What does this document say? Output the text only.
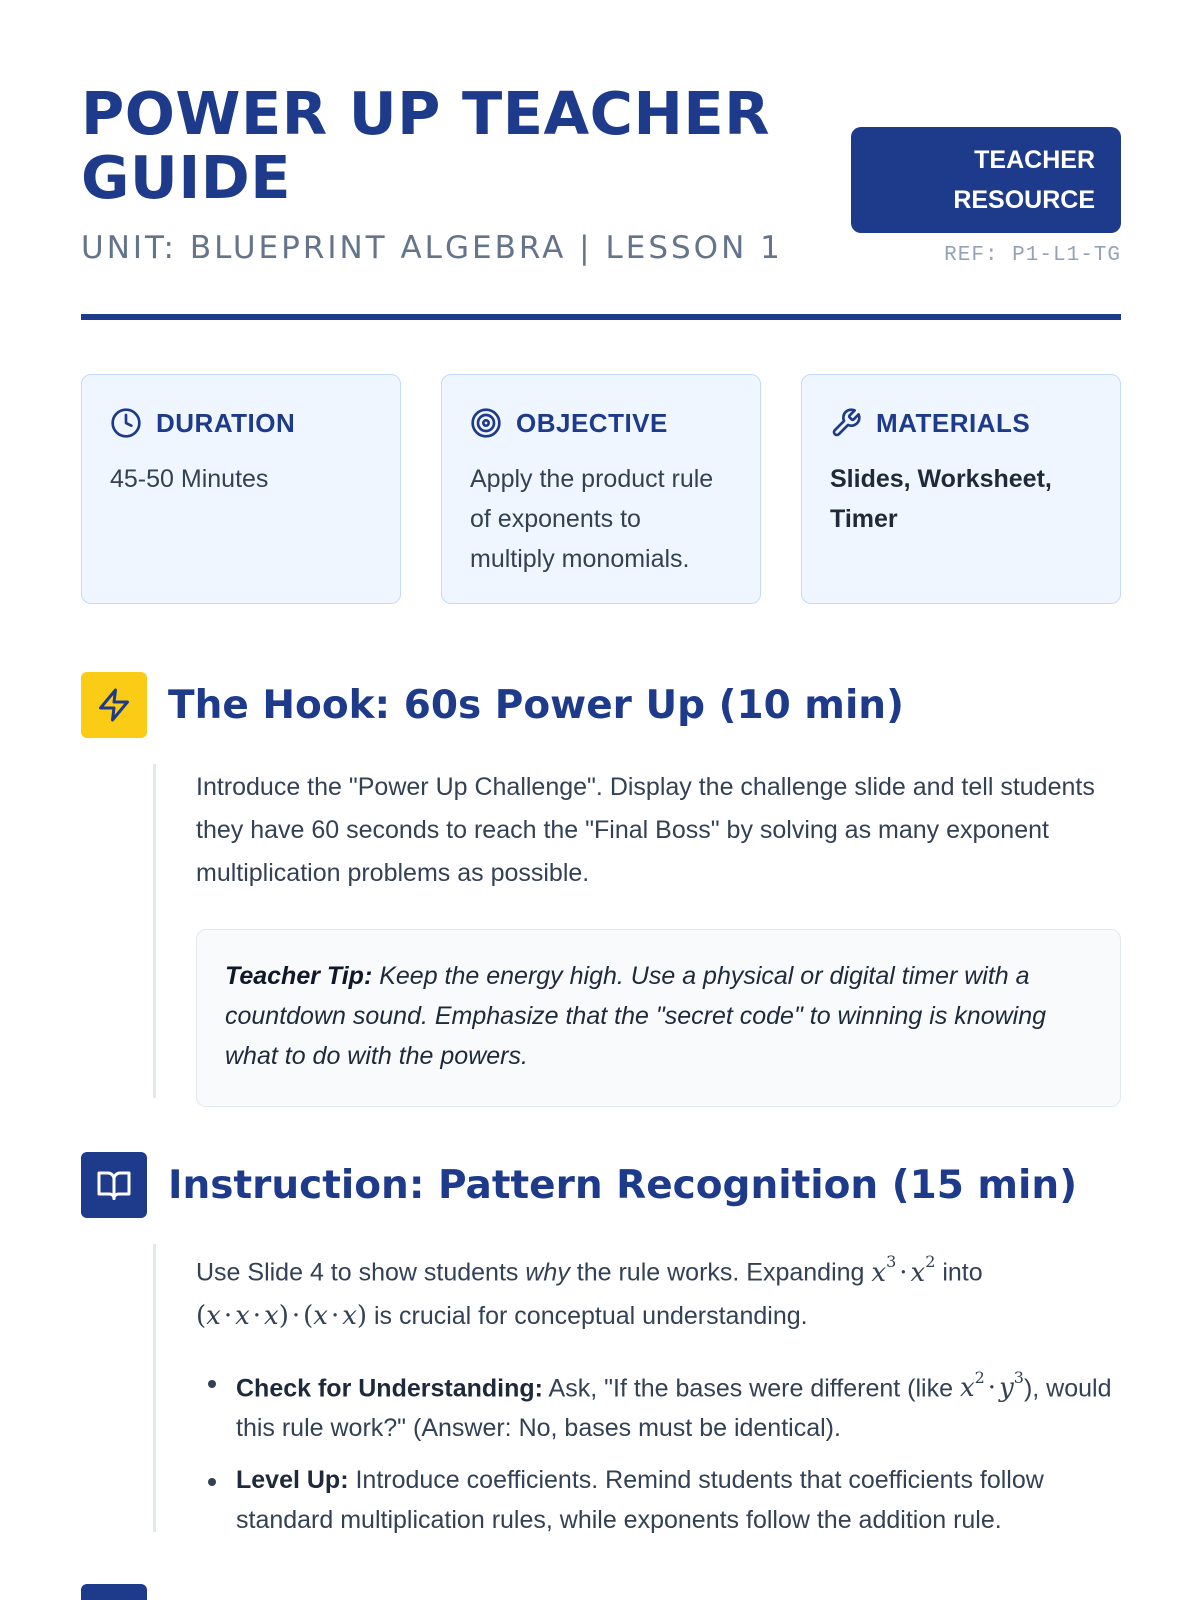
POWER UP TEACHER GUIDE
UNIT: BLUEPRINT ALGEBRA | LESSON 1
TEACHER
RESOURCE
REF: P1-L1-TG
DURATION
45-50 Minutes
OBJECTIVE
Apply the product rule of exponents to multiply monomials.
MATERIALS
Slides, Worksheet, Timer
The Hook: 60s Power Up (10 min)

Introduce the "Power Up Challenge". Display the challenge slide and tell students they have 60 seconds to reach the "Final Boss" by solving as many exponent multiplication problems as possible.

Teacher Tip: Keep the energy high. Use a physical or digital timer with a countdown sound. Emphasize that the "secret code" to winning is knowing what to do with the powers.
Instruction: Pattern Recognition (15 min)

Use Slide 4 to show students why the rule works. Expanding $x^3 \cdot x^2$ into
(x · x · x) · (x · x) is crucial for conceptual understanding.

Check for Understanding: Ask, "If the bases were different (like $x^2 \cdot y^3$), would this rule work?" (Answer: No, bases must be identical).
Level Up: Introduce coefficients. Remind students that coefficients follow standard multiplication rules, while exponents follow the addition rule.
